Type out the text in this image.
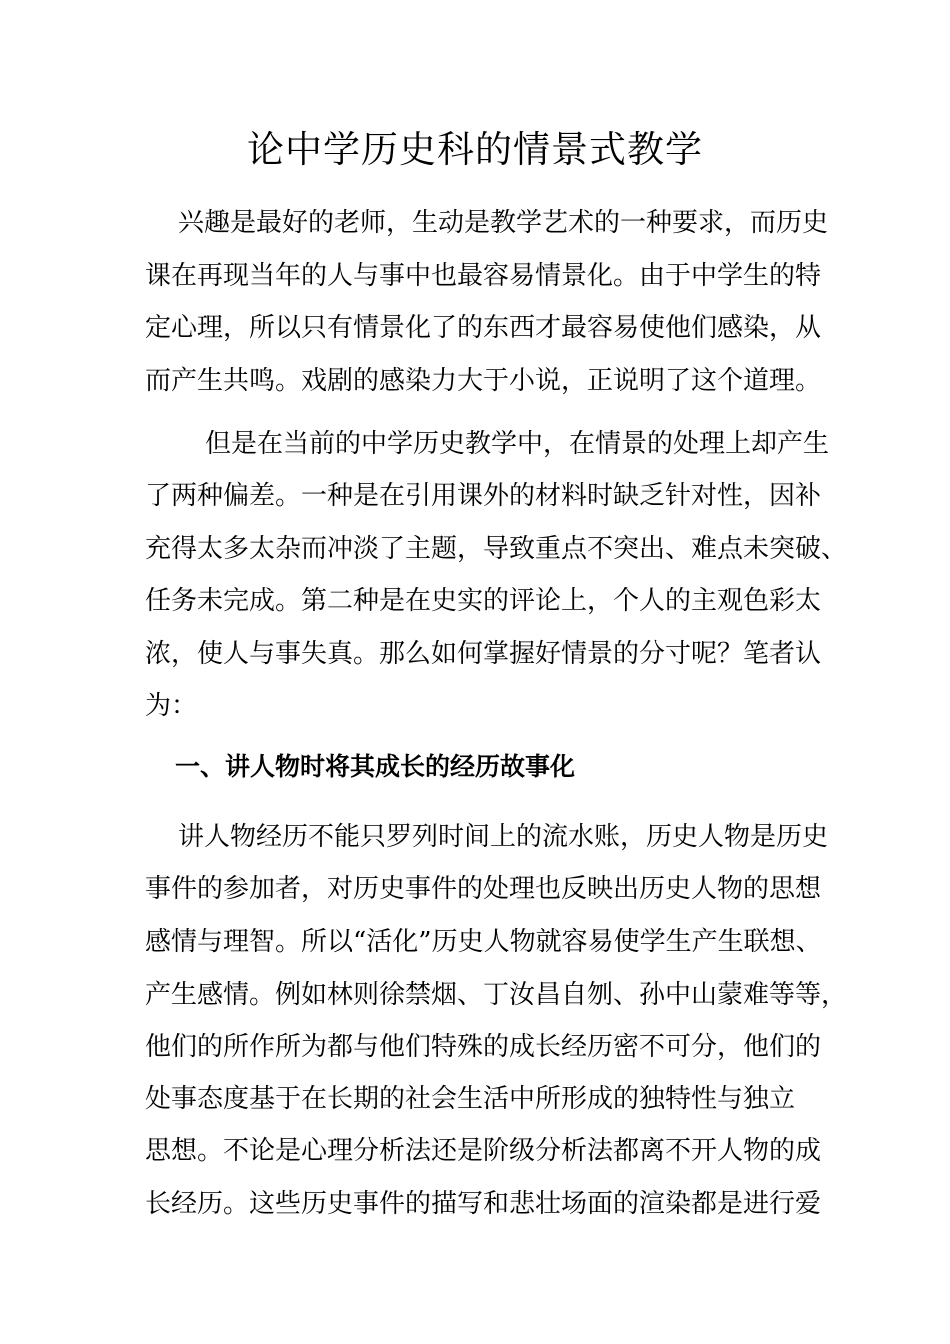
论中学历史科的情景式教学
兴趣是最好的老师，生动是教学艺术的一种要求，而历史
课在再现当年的人与事中也最容易情景化。由于中学生的特
定心理，所以只有情景化了的东西才最容易使他们感染，从
而产生共鸣。戏剧的感染力大于小说，正说明了这个道理。
但是在当前的中学历史教学中，在情景的处理上却产生
了两种偏差。一种是在引用课外的材料时缺乏针对性，因补
充得太多太杂而冲淡了主题，导致重点不突出、难点未突破、
任务未完成。第二种是在史实的评论上，个人的主观色彩太
浓，使人与事失真。那么如何掌握好情景的分寸呢？笔者认
为：
一、讲人物时将其成长的经历故事化
讲人物经历不能只罗列时间上的流水账，历史人物是历史
事件的参加者，对历史事件的处理也反映出历史人物的思想
感情与理智。所以“活化”历史人物就容易使学生产生联想、
产生感情。例如林则徐禁烟、丁汝昌自刎、孙中山蒙难等等，
他们的所作所为都与他们特殊的成长经历密不可分，他们的
处事态度基于在长期的社会生活中所形成的独特性与独立
思想。不论是心理分析法还是阶级分析法都离不开人物的成
长经历。这些历史事件的描写和悲壮场面的渲染都是进行爱
